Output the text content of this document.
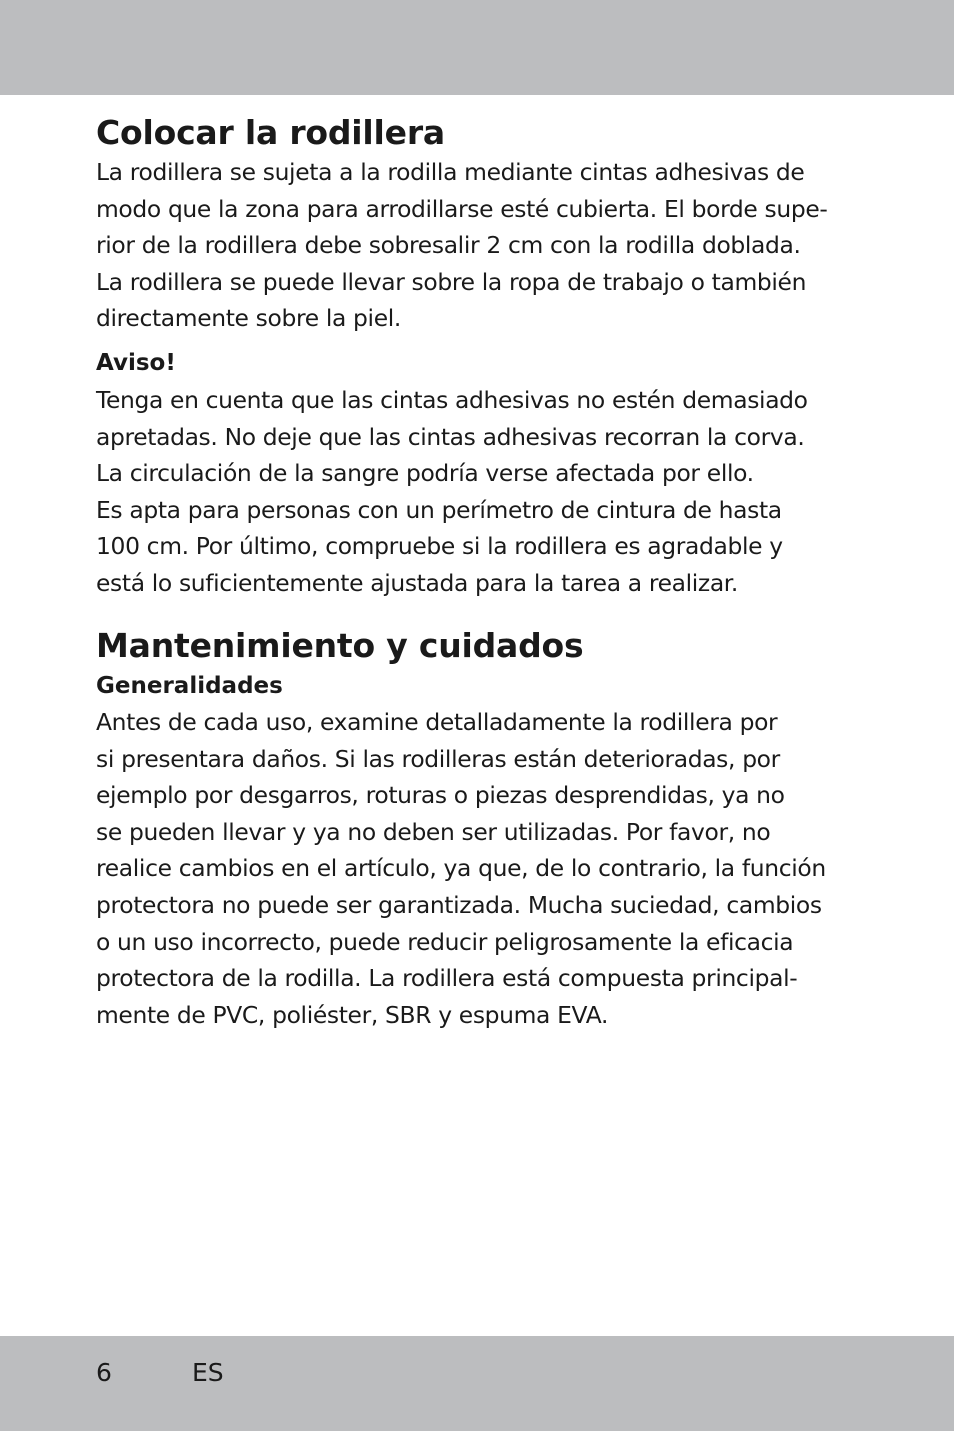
Colocar la rodillera
La rodillera se sujeta a la rodilla mediante cintas adhesivas de
modo que la zona para arrodillarse esté cubierta. El borde supe-
rior de la rodillera debe sobresalir 2 cm con la rodilla doblada.
La rodillera se puede llevar sobre la ropa de trabajo o también
directamente sobre la piel.
Aviso!
Tenga en cuenta que las cintas adhesivas no estén demasiado
apretadas. No deje que las cintas adhesivas recorran la corva.
La circulación de la sangre podría verse afectada por ello.
Es apta para personas con un perímetro de cintura de hasta
100 cm. Por último, compruebe si la rodillera es agradable y
está lo suficientemente ajustada para la tarea a realizar.
Mantenimiento y cuidados
Generalidades
Antes de cada uso, examine detalladamente la rodillera por
si presentara daños. Si las rodilleras están deterioradas, por
ejemplo por desgarros, roturas o piezas desprendidas, ya no
se pueden llevar y ya no deben ser utilizadas. Por favor, no
realice cambios en el artículo, ya que, de lo contrario, la función
protectora no puede ser garantizada. Mucha suciedad, cambios
o un uso incorrecto, puede reducir peligrosamente la eficacia
protectora de la rodilla. La rodillera está compuesta principal-
mente de PVC, poliéster, SBR y espuma EVA.
6	ES
